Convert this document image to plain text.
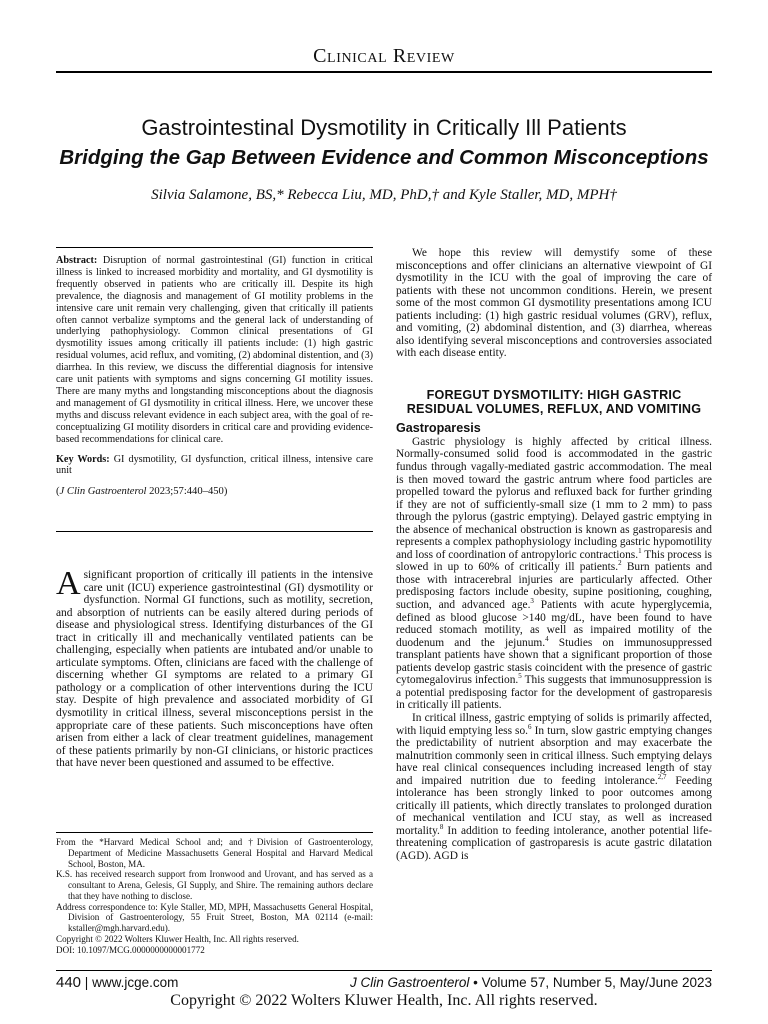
Clinical Review
Gastrointestinal Dysmotility in Critically Ill Patients
Bridging the Gap Between Evidence and Common Misconceptions
Silvia Salamone, BS,* Rebecca Liu, MD, PhD,† and Kyle Staller, MD, MPH†

Abstract: Disruption of normal gastrointestinal (GI) function in critical illness is linked to increased morbidity and mortality, and GI dysmotility is frequently observed in patients who are critically ill. Despite its high prevalence, the diagnosis and management of GI motility problems in the intensive care unit remain very challenging, given that critically ill patients often cannot verbalize symptoms and the general lack of understanding of underlying pathophysiology. Common clinical presentations of GI dysmotility issues among critically ill patients include: (1) high gastric residual volumes, acid reflux, and vomiting, (2) abdominal distention, and (3) diarrhea. In this review, we discuss the differential diagnosis for intensive care unit patients with symptoms and signs concerning GI motility issues. There are many myths and longstanding misconceptions about the diagnosis and management of GI dysmotility in critical illness. Here, we uncover these myths and discuss relevant evidence in each subject area, with the goal of re-conceptualizing GI motility disorders in critical care and providing evidence-based recommendations for clinical care.

Key Words: GI dysmotility, GI dysfunction, critical illness, intensive care unit

(J Clin Gastroenterol 2023;57:440–450)

Asignificant proportion of critically ill patients in the intensive care unit (ICU) experience gastrointestinal (GI) dysmotility or dysfunction. Normal GI functions, such as motility, secretion, and absorption of nutrients can be easily altered during periods of disease and physiological stress. Identifying disturbances of the GI tract in critically ill and mechanically ventilated patients can be challenging, especially when patients are intubated and/or unable to articulate symptoms. Often, clinicians are faced with the challenge of discerning whether GI symptoms are related to a primary GI pathology or a complication of other interventions during the ICU stay. Despite of high prevalence and associated morbidity of GI dysmotility in critical illness, several misconceptions persist in the appropriate care of these patients. Such misconceptions have often arisen from either a lack of clear treatment guidelines, management of these patients primarily by non-GI clinicians, or historic practices that have never been questioned and assumed to be effective.

From the *Harvard Medical School and; and †Division of Gastroenterology, Department of Medicine Massachusetts General Hospital and Harvard Medical School, Boston, MA.

K.S. has received research support from Ironwood and Urovant, and has served as a consultant to Arena, Gelesis, GI Supply, and Shire. The remaining authors declare that they have nothing to disclose.

Address correspondence to: Kyle Staller, MD, MPH, Massachusetts General Hospital, Division of Gastroenterology, 55 Fruit Street, Boston, MA 02114 (e-mail: kstaller@mgh.harvard.edu).

Copyright © 2022 Wolters Kluwer Health, Inc. All rights reserved.

DOI: 10.1097/MCG.0000000000001772

We hope this review will demystify some of these misconceptions and offer clinicians an alternative viewpoint of GI dysmotility in the ICU with the goal of improving the care of patients with these not uncommon conditions. Herein, we present some of the most common GI dysmotility presentations among ICU patients including: (1) high gastric residual volumes (GRV), reflux, and vomiting, (2) abdominal distention, and (3) diarrhea, whereas also identifying several misconceptions and controversies associated with each disease entity.

FOREGUT DYSMOTILITY: HIGH GASTRIC
RESIDUAL VOLUMES, REFLUX, AND VOMITING
Gastroparesis

Gastric physiology is highly affected by critical illness. Normally-consumed solid food is accommodated in the gastric fundus through vagally-mediated gastric accommodation. The meal is then moved toward the gastric antrum where food particles are propelled toward the pylorus and refluxed back for further grinding if they are not of sufficiently-small size (1 mm to 2 mm) to pass through the pylorus (gastric emptying). Delayed gastric emptying in the absence of mechanical obstruction is known as gastroparesis and represents a complex pathophysiology including gastric hypomotility and loss of coordination of antropyloric contractions.$^1$ This process is slowed in up to 60% of critically ill patients.$^2$ Burn patients and those with intracerebral injuries are particularly affected. Other predisposing factors include obesity, supine positioning, coughing, suction, and advanced age.$^3$ Patients with acute hyperglycemia, defined as blood glucose >140 mg/dL, have been found to have reduced stomach motility, as well as impaired motility of the duodenum and the jejunum.$^4$ Studies on immunosuppressed transplant patients have shown that a significant proportion of those patients develop gastric stasis coincident with the presence of gastric cytomegalovirus infection.$^5$ This suggests that immunosuppression is a potential predisposing factor for the development of gastroparesis in critically ill patients.

In critical illness, gastric emptying of solids is primarily affected, with liquid emptying less so.$^6$ In turn, slow gastric emptying changes the predictability of nutrient absorption and may exacerbate the malnutrition commonly seen in critical illness. Such emptying delays have real clinical consequences including increased length of stay and impaired nutrition due to feeding intolerance.$^{2,7}$ Feeding intolerance has been strongly linked to poor outcomes among critically ill patients, which directly translates to prolonged duration of mechanical ventilation and ICU stay, as well as increased mortality.$^8$ In addition to feeding intolerance, another potential life-threatening complication of gastroparesis is acute gastric dilatation (AGD). AGD is

440 | www.jcge.com	J Clin Gastroenterol • Volume 57, Number 5, May/June 2023
Copyright © 2022 Wolters Kluwer Health, Inc. All rights reserved.
